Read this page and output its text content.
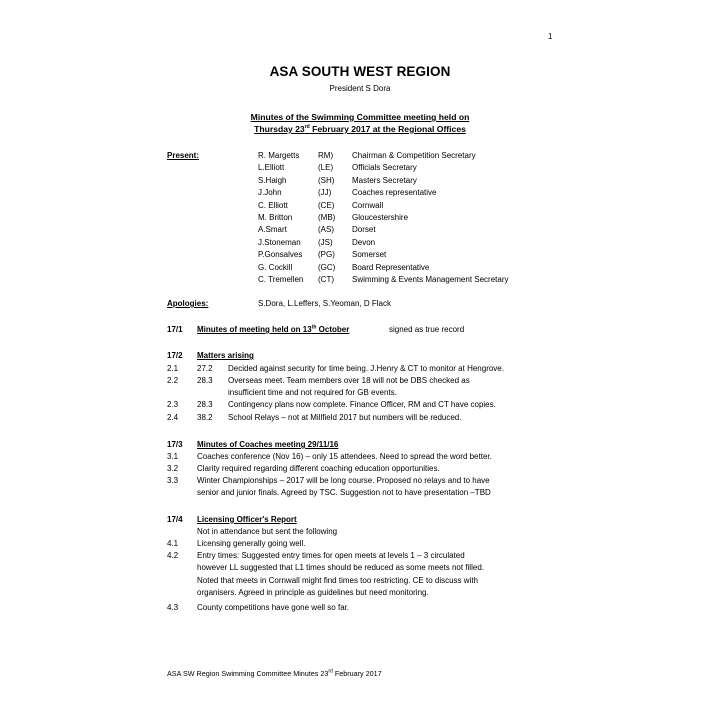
1
ASA SOUTH WEST REGION
President S Dora
Minutes of the Swimming Committee meeting held on
Thursday 23rd February 2017 at the Regional Offices
Present:	R. Margetts RM) Chairman & Competition Secretary
L.Elliott	(LE) Officials Secretary
S.Haigh	(SH) Masters Secretary
J.John	(JJ)	Coaches representative
C. Elliott	(CE) Cornwall
M. Britton	(MB) Gloucestershire
A.Smart	(AS) Dorset
J.Stoneman (JS) Devon
P.Gonsalves (PG) Somerset
G. Cockill	(GC) Board Representative
C. Tremellen (CT) Swimming & Events Management Secretary
Apologies:	S.Dora, L.Leffers, S.Yeoman, D Flack
17/1 Minutes of meeting held on 13th October	signed as true record
17/2 Matters arising
2.1 27.2 Decided against security for time being. J.Henry & CT to monitor at Hengrove.
2.2 28.3 Overseas meet. Team members over 18 will not be DBS checked as
insufficient time and not required for GB events.
2.3 28.3 Contingency plans now complete. Finance Officer, RM and CT have copies.
2.4 38.2 School Relays – not at Millfield 2017 but numbers will be reduced.
17/3 Minutes of Coaches meeting 29/11/16
3.1 Coaches conference (Nov 16) – only 15 attendees. Need to spread the word better.
3.2 Clarity required regarding different coaching education opportunities.
3.3 Winter Championships – 2017 will be long course. Proposed no relays and to have
senior and junior finals. Agreed by TSC. Suggestion not to have presentation –TBD
17/4 Licensing Officer's Report
Not in attendance but sent the following
4.1 Licensing generally going well.
4.2 Entry times: Suggested entry times for open meets at levels 1 – 3 circulated
however LL suggested that L1 times should be reduced as some meets not filled.
Noted that meets in Cornwall might find times too restricting. CE to discuss with
organisers. Agreed in principle as guidelines but need monitoring.
4.3 County competitions have gone well so far.
ASA SW Region Swimming Committee Minutes 23rd February 2017
